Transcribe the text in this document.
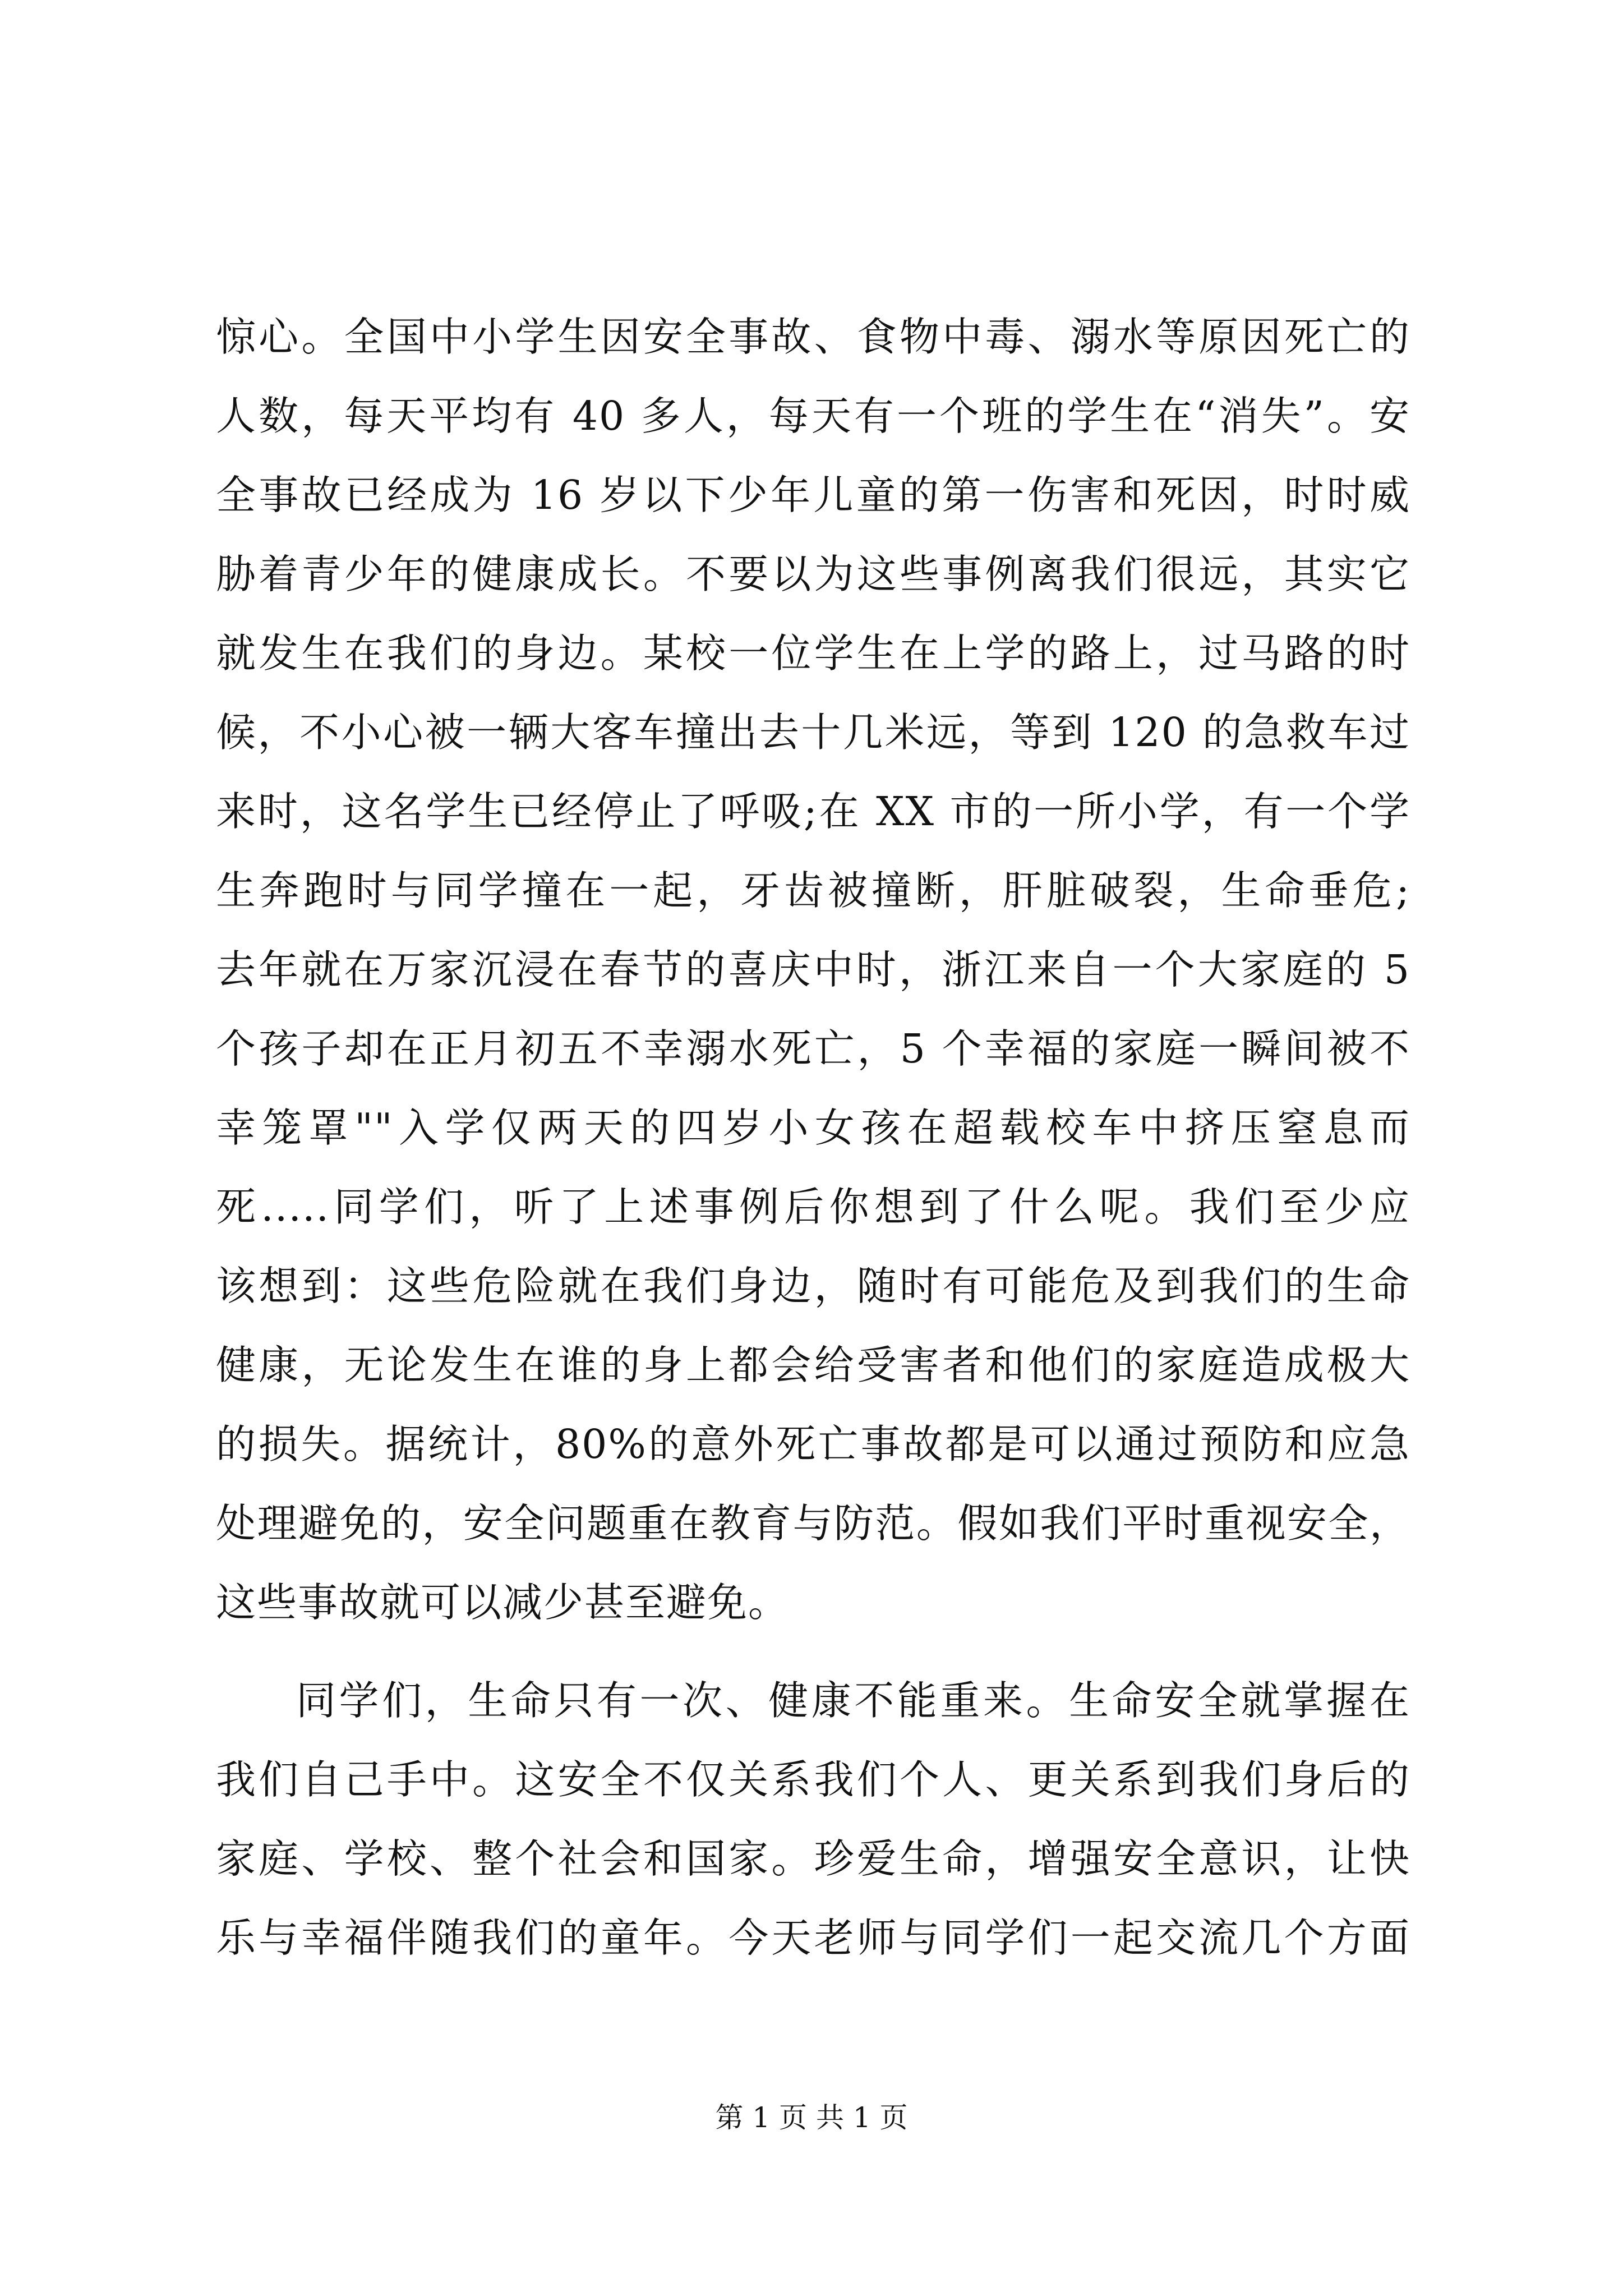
惊心。全国中小学生因安全事故、食物中毒、溺水等原因死亡的
人数，每天平均有 40 多人，每天有一个班的学生在“消失”。安
全事故已经成为 16 岁以下少年儿童的第一伤害和死因，时时威
胁着青少年的健康成长。不要以为这些事例离我们很远，其实它
就发生在我们的身边。某校一位学生在上学的路上，过马路的时
候，不小心被一辆大客车撞出去十几米远，等到 120 的急救车过
来时，这名学生已经停止了呼吸;在 XX 市的一所小学，有一个学
生奔跑时与同学撞在一起，牙齿被撞断，肝脏破裂，生命垂危;
去年就在万家沉浸在春节的喜庆中时，浙江来自一个大家庭的 5
个孩子却在正月初五不幸溺水死亡，5 个幸福的家庭一瞬间被不
幸笼罩""入学仅两天的四岁小女孩在超载校车中挤压窒息而
死.....同学们，听了上述事例后你想到了什么呢。我们至少应
该想到：这些危险就在我们身边，随时有可能危及到我们的生命
健康，无论发生在谁的身上都会给受害者和他们的家庭造成极大
的损失。据统计，80%的意外死亡事故都是可以通过预防和应急
处理避免的，安全问题重在教育与防范。假如我们平时重视安全，
这些事故就可以减少甚至避免。
同学们，生命只有一次、健康不能重来。生命安全就掌握在
我们自己手中。这安全不仅关系我们个人、更关系到我们身后的
家庭、学校、整个社会和国家。珍爱生命，增强安全意识，让快
乐与幸福伴随我们的童年。今天老师与同学们一起交流几个方面
第 1 页 共 1 页
